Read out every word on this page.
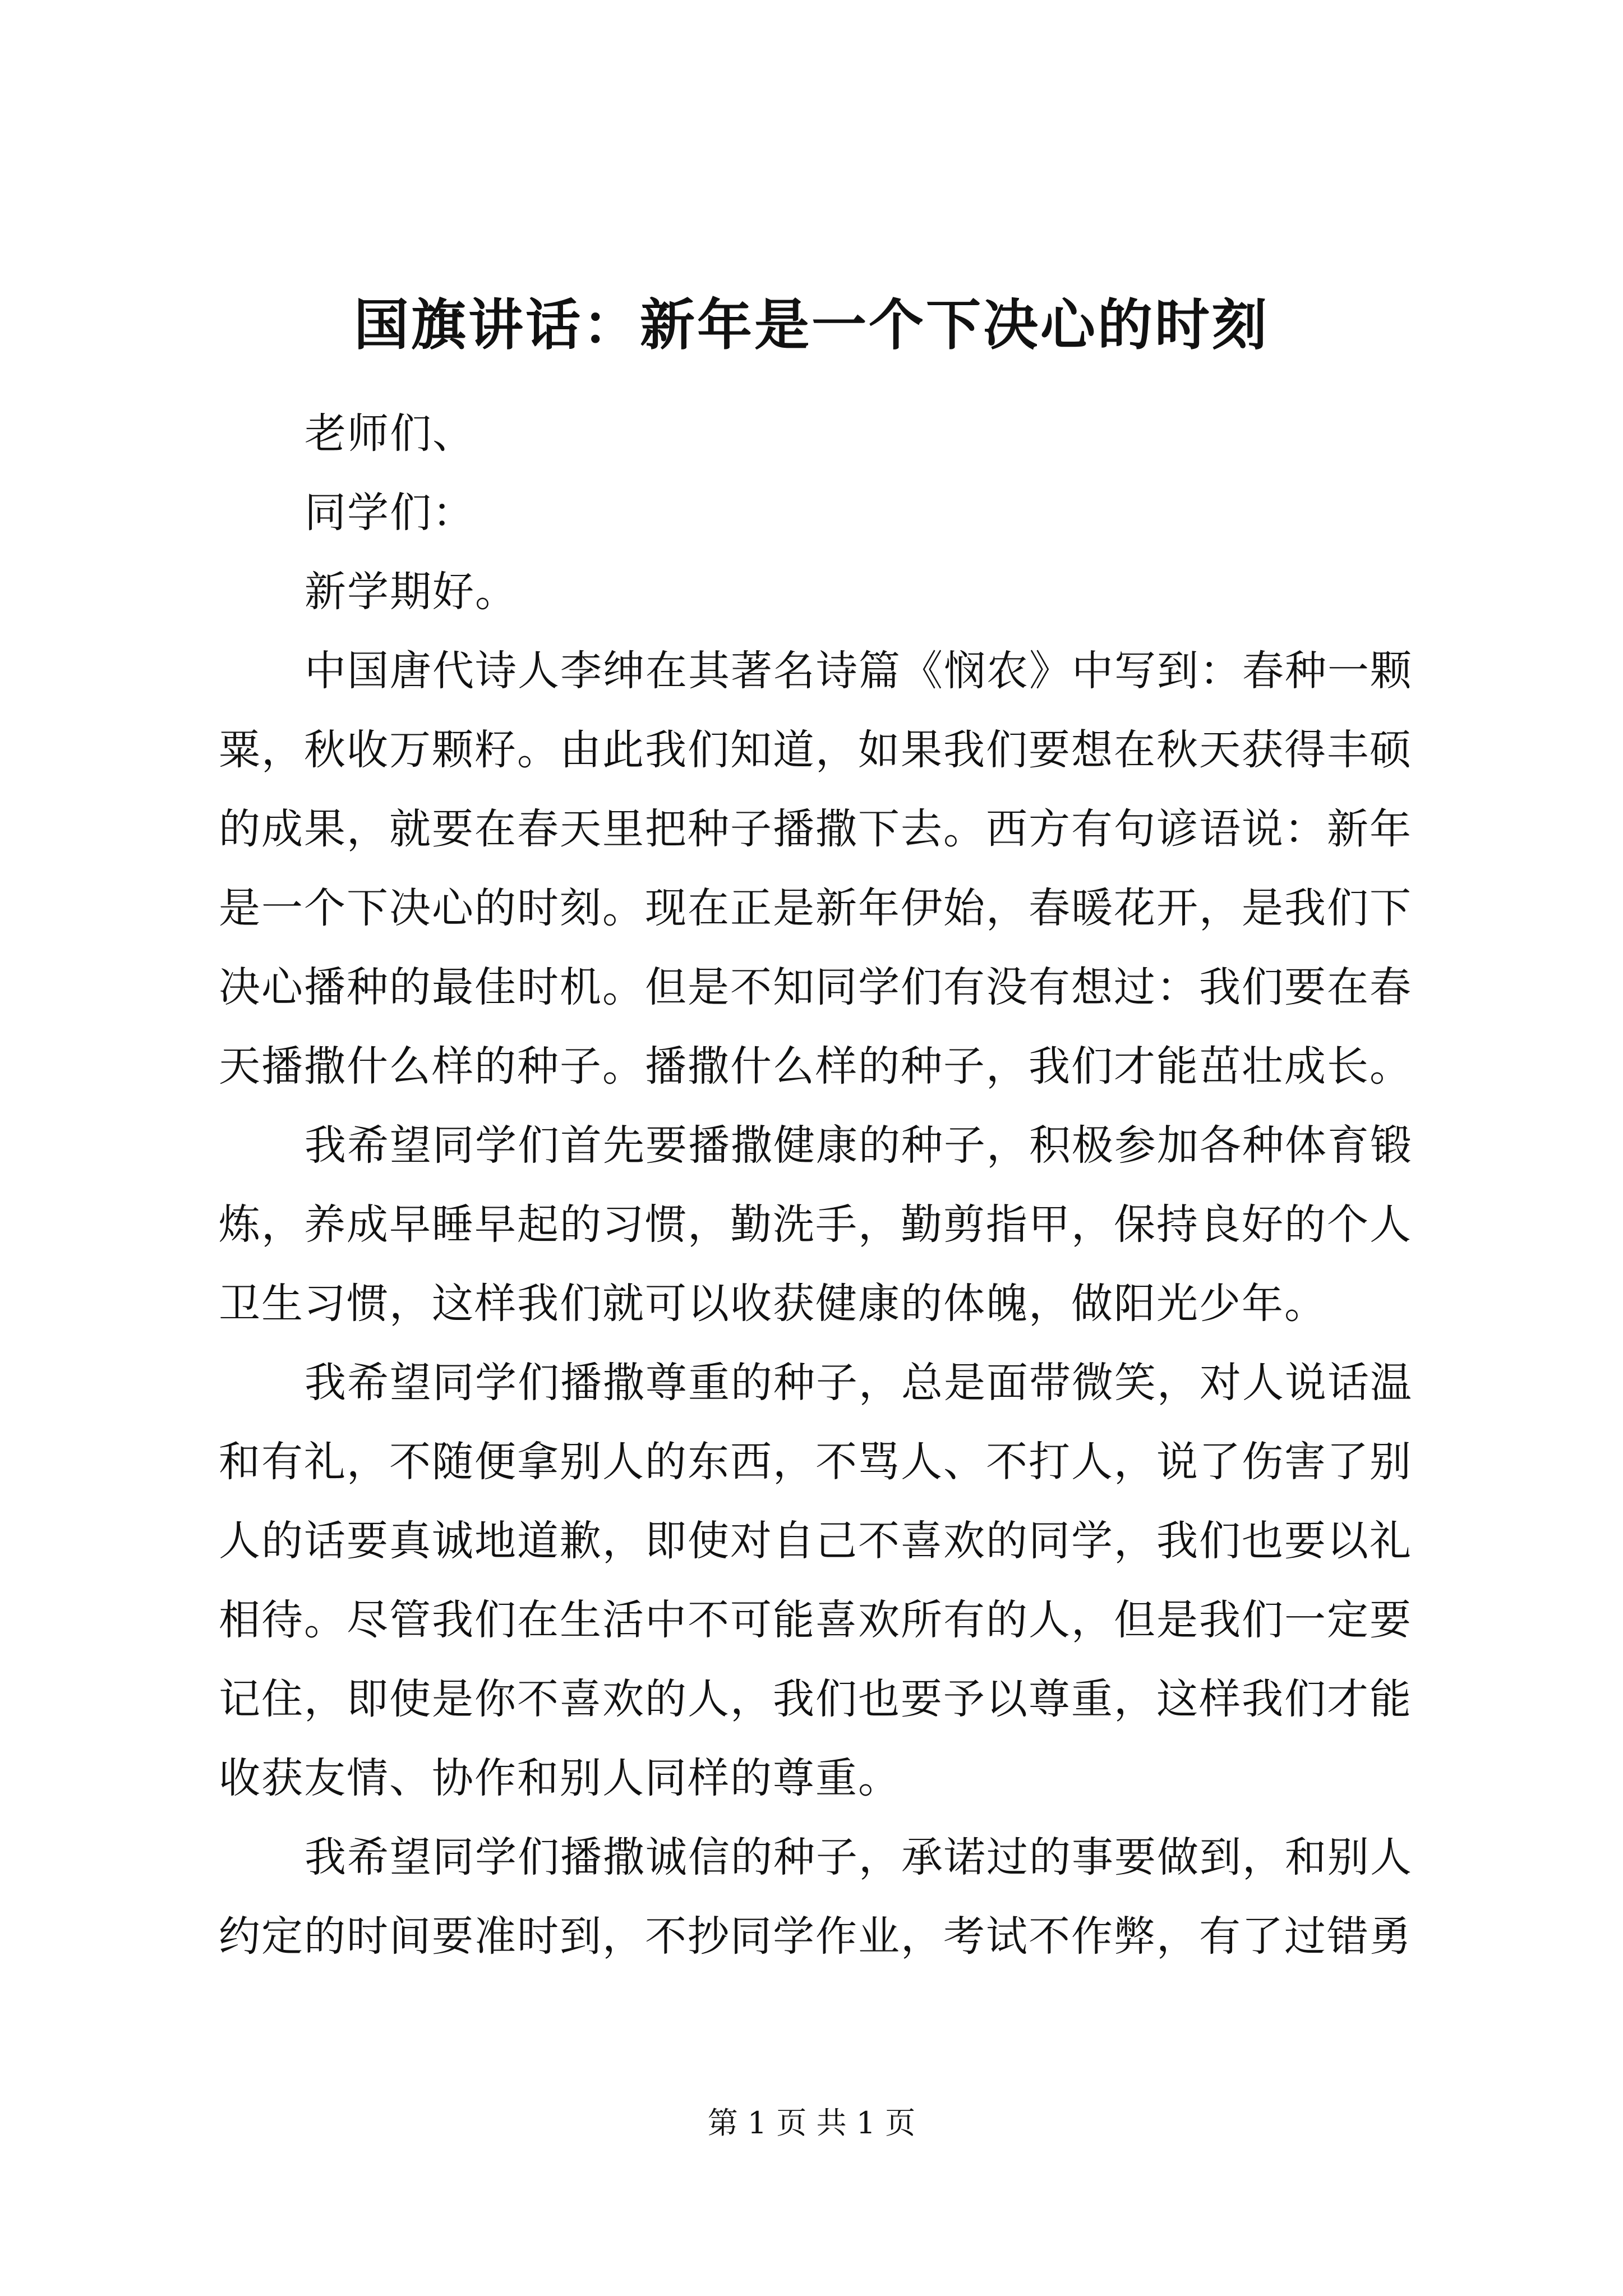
国旗讲话：新年是一个下决心的时刻

老师们、

同学们：

新学期好。

中国唐代诗人李绅在其著名诗篇《悯农》中写到：春种一颗

粟，秋收万颗籽。由此我们知道，如果我们要想在秋天获得丰硕

的成果，就要在春天里把种子播撒下去。西方有句谚语说：新年

是一个下决心的时刻。现在正是新年伊始，春暖花开，是我们下

决心播种的最佳时机。但是不知同学们有没有想过：我们要在春

天播撒什么样的种子。播撒什么样的种子，我们才能茁壮成长。

我希望同学们首先要播撒健康的种子，积极参加各种体育锻

炼，养成早睡早起的习惯，勤洗手，勤剪指甲，保持良好的个人

卫生习惯，这样我们就可以收获健康的体魄，做阳光少年。

我希望同学们播撒尊重的种子，总是面带微笑，对人说话温

和有礼，不随便拿别人的东西，不骂人、不打人，说了伤害了别

人的话要真诚地道歉，即使对自己不喜欢的同学，我们也要以礼

相待。尽管我们在生活中不可能喜欢所有的人，但是我们一定要

记住，即使是你不喜欢的人，我们也要予以尊重，这样我们才能

收获友情、协作和别人同样的尊重。

我希望同学们播撒诚信的种子，承诺过的事要做到，和别人

约定的时间要准时到，不抄同学作业，考试不作弊，有了过错勇

第 1 页 共 1 页
